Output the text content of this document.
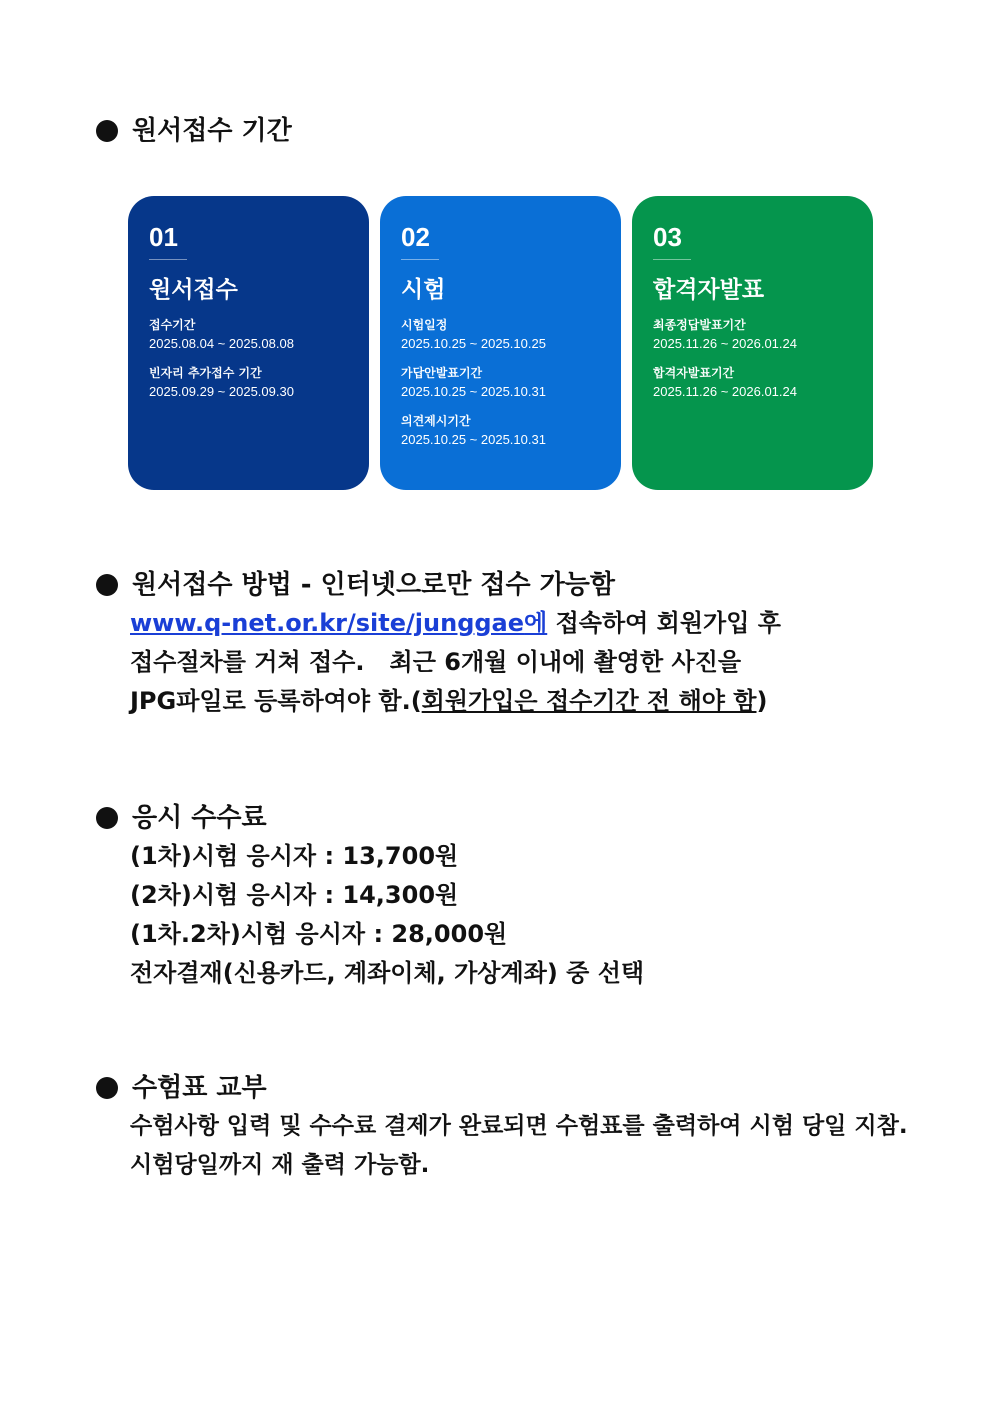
원서접수 기간
01
원서접수
접수기간
2025.08.04 ~ 2025.08.08
빈자리 추가접수 기간
2025.09.29 ~ 2025.09.30
02
시험
시험일정
2025.10.25 ~ 2025.10.25
가답안발표기간
2025.10.25 ~ 2025.10.31
의견제시기간
2025.10.25 ~ 2025.10.31
03
합격자발표
최종정답발표기간
2025.11.26 ~ 2026.01.24
합격자발표기간
2025.11.26 ~ 2026.01.24
원서접수 방법 - 인터넷으로만 접수 가능함
www.q-net.or.kr/site/junggae에 접속하여 회원가입 후
접수절차를 거쳐 접수.   최근 6개월 이내에 촬영한 사진을
JPG파일로 등록하여야 함.(회원가입은 접수기간 전 해야 함)
응시 수수료
(1차)시험 응시자 : 13,700원
(2차)시험 응시자 : 14,300원
(1차.2차)시험 응시자 : 28,000원
전자결재(신용카드, 계좌이체, 가상계좌) 중 선택
수험표 교부
수험사항 입력 및 수수료 결제가 완료되면 수험표를 출력하여 시험 당일 지참.
시험당일까지 재 출력 가능함.
